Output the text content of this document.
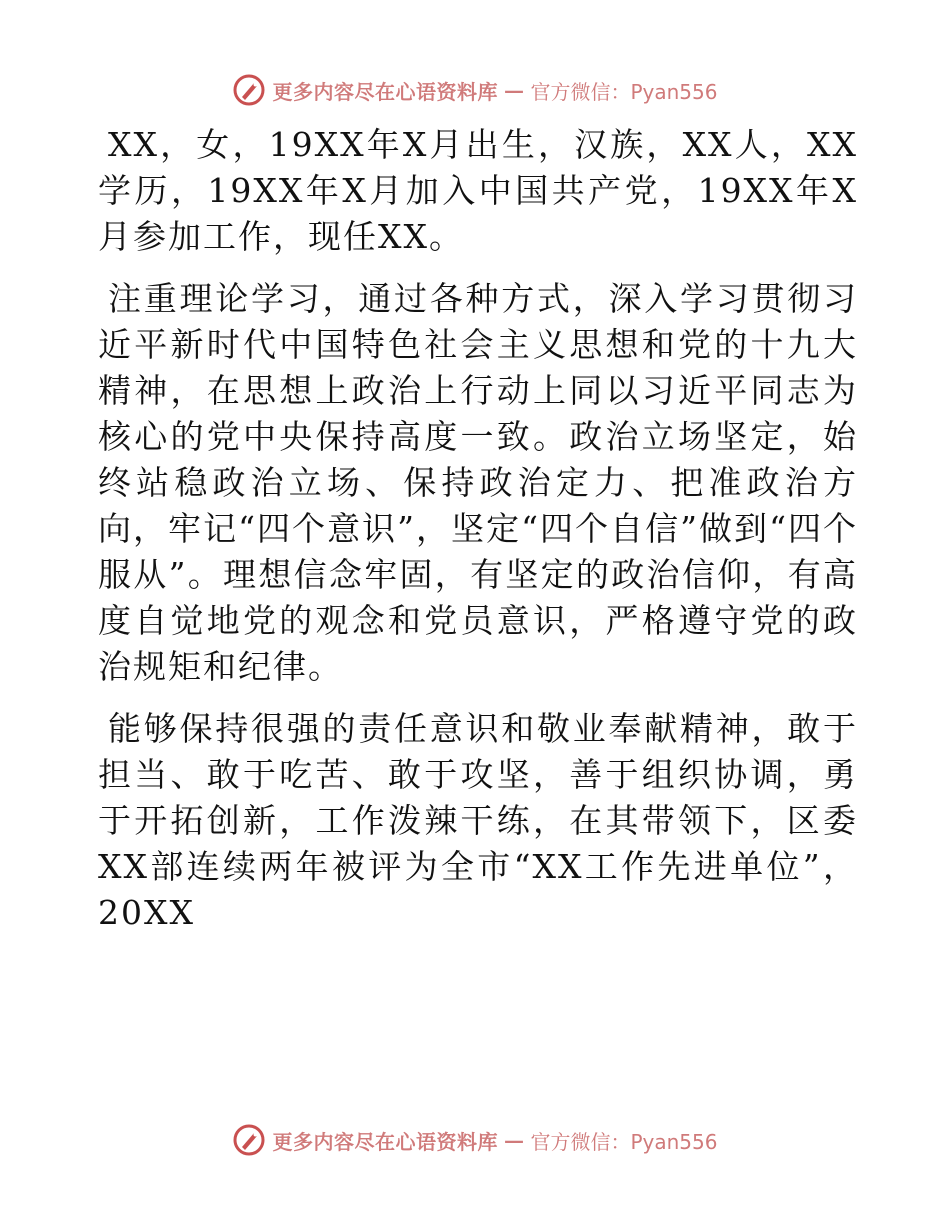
更多内容尽在心语资料库 — 官方微信：Pyan556

XX，女，19XX年X月出生，汉族，XX人，XX学历，19XX年X月加入中国共产党，19XX年X月参加工作，现任XX。

注重理论学习，通过各种方式，深入学习贯彻习近平新时代中国特色社会主义思想和党的十九大精神，在思想上政治上行动上同以习近平同志为核心的党中央保持高度一致。政治立场坚定，始终站稳政治立场、保持政治定力、把准政治方向，牢记“四个意识”，坚定“四个自信”做到“四个服从”。理想信念牢固，有坚定的政治信仰，有高度自觉地党的观念和党员意识，严格遵守党的政治规矩和纪律。

能够保持很强的责任意识和敬业奉献精神，敢于担当、敢于吃苦、敢于攻坚，善于组织协调，勇于开拓创新，工作泼辣干练，在其带领下，区委XX部连续两年被评为全市“XX工作先进单位”，20XX

更多内容尽在心语资料库 — 官方微信：Pyan556
